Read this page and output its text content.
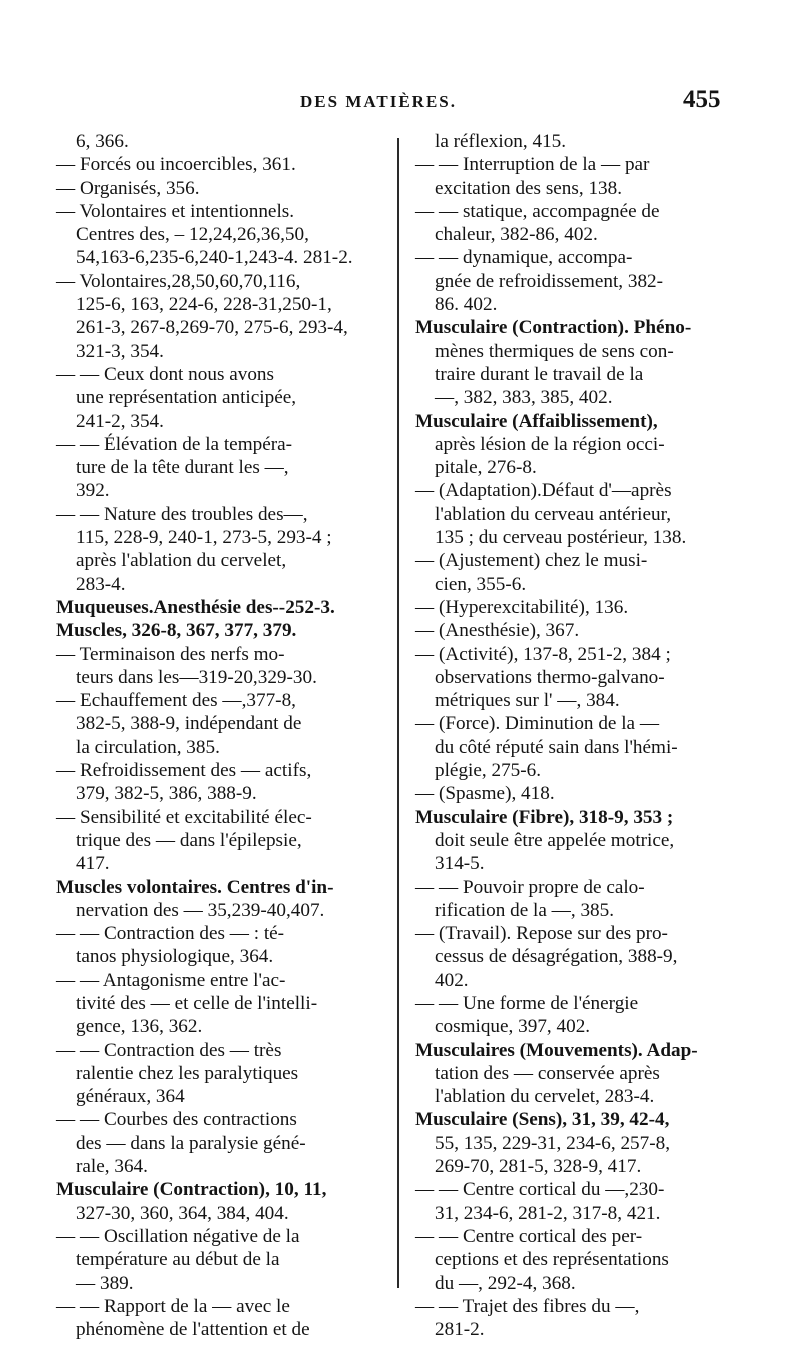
DES MATIÈRES.	455
6, 366.
— Forcés ou incoercibles, 361.
— Organisés, 356.
— Volontaires et intentionnels.
Centres des, – 12,24,26,36,50,
54,163-6,235-6,240-1,243-4. 281-2.
— Volontaires,28,50,60,70,116,
125-6, 163, 224-6, 228-31,250-1,
261-3, 267-8,269-70, 275-6, 293-4,
321-3, 354.
— — Ceux dont nous avons
une représentation anticipée,
241-2, 354.
— — Élévation de la tempéra-
ture de la tête durant les —,
392.
— — Nature des troubles des—,
115, 228-9, 240-1, 273-5, 293-4 ;
après l'ablation du cervelet,
283-4.
Muqueuses.Anesthésie des--252-3.
Muscles, 326-8, 367, 377, 379.
— Terminaison des nerfs mo-
teurs dans les—319-20,329-30.
— Echauffement des —,377-8,
382-5, 388-9, indépendant de
la circulation, 385.
— Refroidissement des — actifs,
379, 382-5, 386, 388-9.
— Sensibilité et excitabilité élec-
trique des — dans l'épilepsie,
417.
Muscles volontaires. Centres d'in-
nervation des — 35,239-40,407.
— — Contraction des — : té-
tanos physiologique, 364.
— — Antagonisme entre l'ac-
tivité des — et celle de l'intelli-
gence, 136, 362.
— — Contraction des — très
ralentie chez les paralytiques
généraux, 364
— — Courbes des contractions
des — dans la paralysie géné-
rale, 364.
Musculaire (Contraction), 10, 11,
327-30, 360, 364, 384, 404.
— — Oscillation négative de la
température au début de la
— 389.
— — Rapport de la — avec le
phénomène de l'attention et de
la réflexion, 415.
— — Interruption de la — par
excitation des sens, 138.
— — statique, accompagnée de
chaleur, 382-86, 402.
— — dynamique, accompa-
gnée de refroidissement, 382-
86. 402.
Musculaire (Contraction). Phéno-
mènes thermiques de sens con-
traire durant le travail de la
—, 382, 383, 385, 402.
Musculaire (Affaiblissement),
après lésion de la région occi-
pitale, 276-8.
— (Adaptation).Défaut d'—après
l'ablation du cerveau antérieur,
135 ; du cerveau postérieur, 138.
— (Ajustement) chez le musi-
cien, 355-6.
— (Hyperexcitabilité), 136.
— (Anesthésie), 367.
— (Activité), 137-8, 251-2, 384 ;
observations thermo-galvano-
métriques sur l' —, 384.
— (Force). Diminution de la —
du côté réputé sain dans l'hémi-
plégie, 275-6.
— (Spasme), 418.
Musculaire (Fibre), 318-9, 353 ;
doit seule être appelée motrice,
314-5.
— — Pouvoir propre de calo-
rification de la —, 385.
— (Travail). Repose sur des pro-
cessus de désagrégation, 388-9,
402.
— — Une forme de l'énergie
cosmique, 397, 402.
Musculaires (Mouvements). Adap-
tation des — conservée après
l'ablation du cervelet, 283-4.
Musculaire (Sens), 31, 39, 42-4,
55, 135, 229-31, 234-6, 257-8,
269-70, 281-5, 328-9, 417.
— — Centre cortical du —,230-
31, 234-6, 281-2, 317-8, 421.
— — Centre cortical des per-
ceptions et des représentations
du —, 292-4, 368.
— — Trajet des fibres du —,
281-2.
